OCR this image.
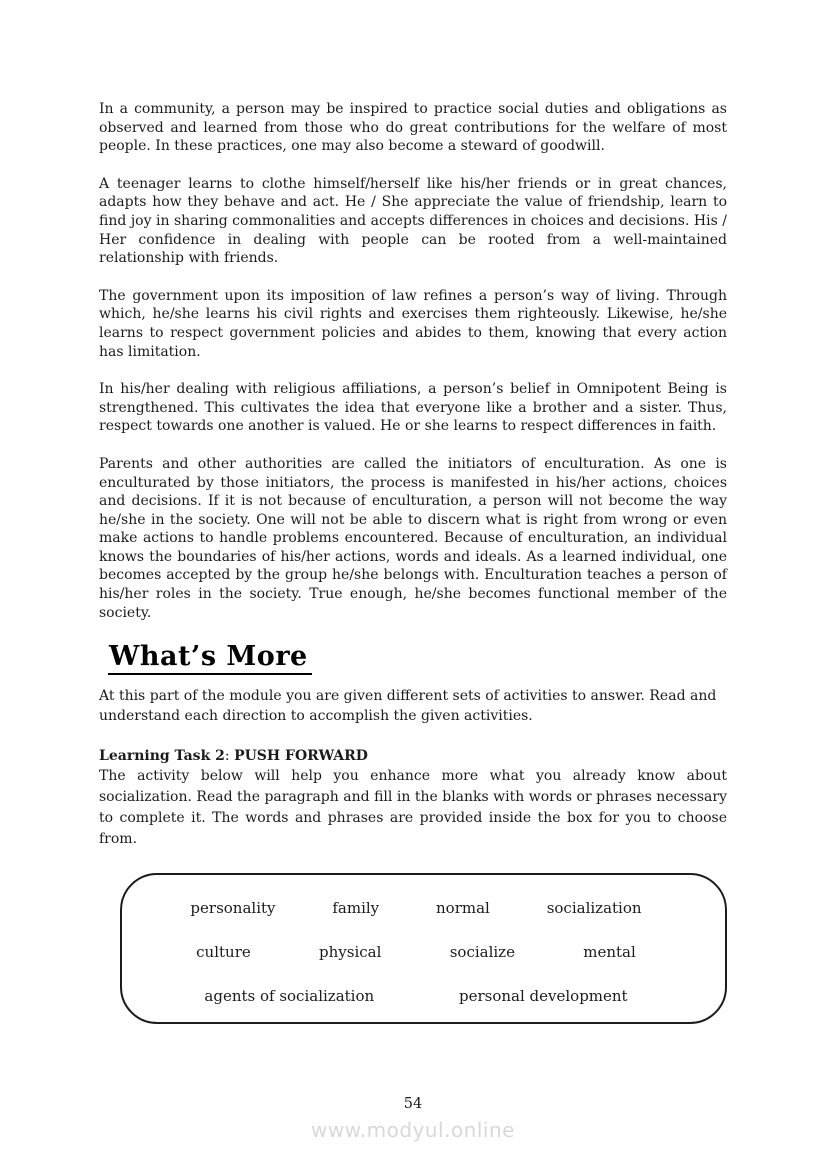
In a community, a person may be inspired to practice social duties and obligations as observed and learned from those who do great contributions for the welfare of most people. In these practices, one may also become a steward of goodwill.

A teenager learns to clothe himself/herself like his/her friends or in great chances, adapts how they behave and act. He / She appreciate the value of friendship, learn to find joy in sharing commonalities and accepts differences in choices and decisions. His / Her confidence in dealing with people can be rooted from a well-maintained relationship with friends.

The government upon its imposition of law refines a person’s way of living. Through which, he/she learns his civil rights and exercises them righteously. Likewise, he/she learns to respect government policies and abides to them, knowing that every action has limitation.

In his/her dealing with religious affiliations, a person’s belief in Omnipotent Being is strengthened. This cultivates the idea that everyone like a brother and a sister. Thus, respect towards one another is valued. He or she learns to respect differences in faith.

Parents and other authorities are called the initiators of enculturation. As one is enculturated by those initiators, the process is manifested in his/her actions, choices and decisions. If it is not because of enculturation, a person will not become the way he/she in the society. One will not be able to discern what is right from wrong or even make actions to handle problems encountered. Because of enculturation, an individual knows the boundaries of his/her actions, words and ideals. As a learned individual, one becomes accepted by the group he/she belongs with. Enculturation teaches a person of his/her roles in the society. True enough, he/she becomes functional member of the society.

What’s More

At this part of the module you are given different sets of activities to answer. Read and understand each direction to accomplish the given activities.

Learning Task 2: PUSH FORWARD

The activity below will help you enhance more what you already know about socialization. Read the paragraph and fill in the blanks with words or phrases necessary to complete it. The words and phrases are provided inside the box for you to choose from.

personality	family	normal	socialization
culture	physical	socialize	mental
agents of socialization	personal development
54
www.modyul.online
